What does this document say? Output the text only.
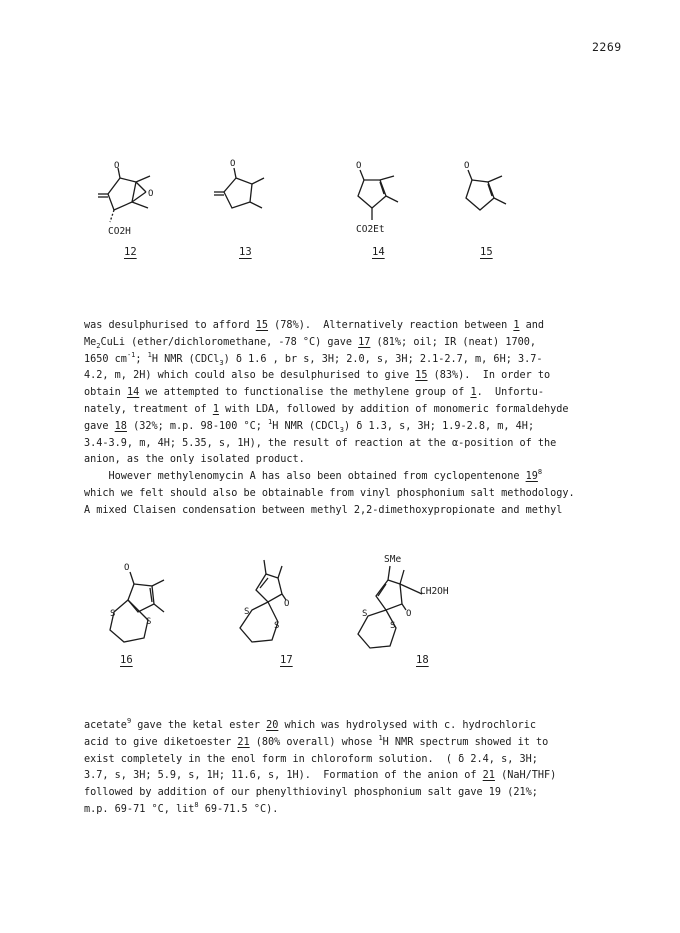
2269
O
O
CO2H
12
O
13
O
CO2Et
14
O
15
was desulphurised to afford 15 (78%).  Alternatively reaction between 1 and
$Me_2CuLi$ (ether/dichloromethane, -78 °C) gave 17 (81%; oil; IR (neat) 1700,
1650 $cm^{-1}$; $^1$H NMR (CDCl$_3$) δ 1.6 , br s, 3H; 2.0, s, 3H; 2.1-2.7, m, 6H; 3.7-
4.2, m, 2H) which could also be desulphurised to give 15 (83%).  In order to
obtain 14 we attempted to functionalise the methylene group of 1.  Unfortu-
nately, treatment of 1 with LDA, followed by addition of monomeric formaldehyde
gave 18 (32%; m.p. 98-100 °C; $^1$H NMR (CDCl$_3$) δ 1.3, s, 3H; 1.9-2.8, m, 4H;
3.4-3.9, m, 4H; 5.35, s, 1H), the result of reaction at the α-position of the
anion, as the only isolated product.
However methylenomycin A has also been obtained from cyclopentenone $19^8$
which we felt should also be obtainable from vinyl phosphonium salt methodology.
A mixed Claisen condensation between methyl 2,2-dimethoxypropionate and methyl
O
S
S
16
O
S
S
17
SMe
O
S
S
CH2OH
18
acetate$^9$ gave the ketal ester 20 which was hydrolysed with c. hydrochloric
acid to give diketoester 21 (80% overall) whose $^1$H NMR spectrum showed it to
exist completely in the enol form in chloroform solution.  ( δ 2.4, s, 3H;
3.7, s, 3H; 5.9, s, 1H; 11.6, s, 1H).  Formation of the anion of 21 (NaH/THF)
followed by addition of our phenylthiovinyl phosphonium salt gave 19 (21%;
m.p. 69-71 °C, lit$^8$ 69-71.5 °C).
